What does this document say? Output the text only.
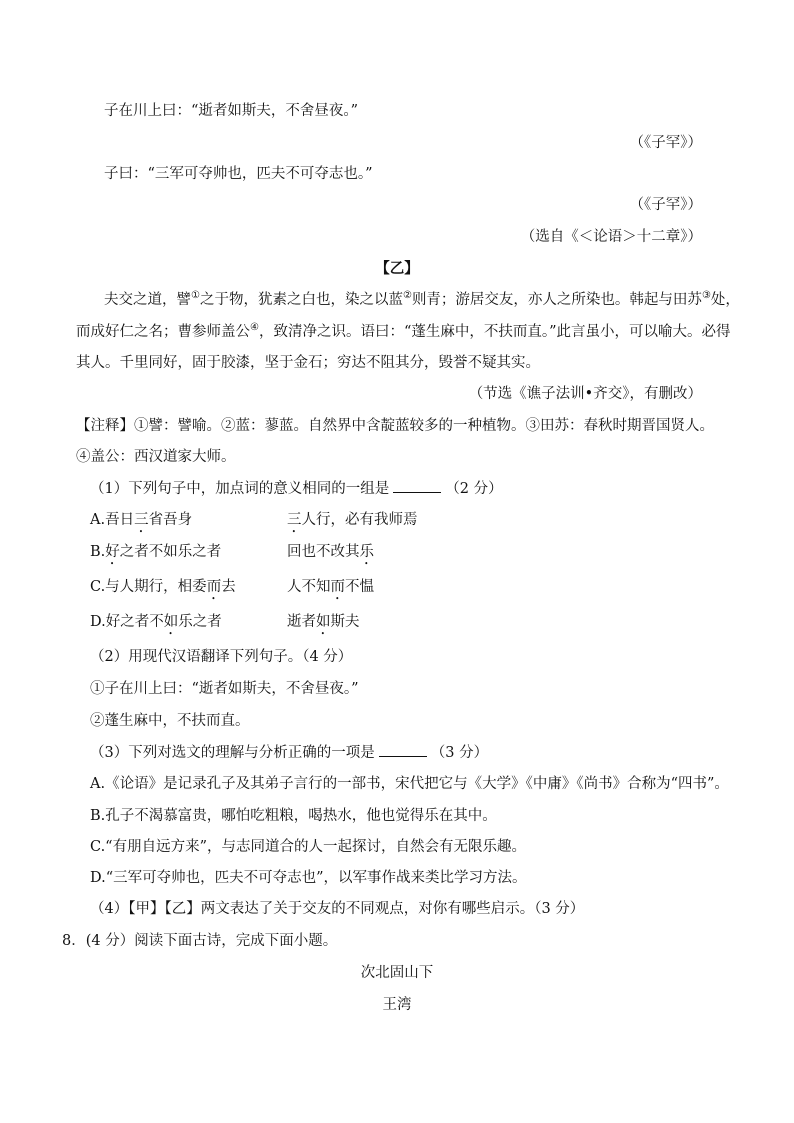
子在川上曰：“逝者如斯夫，不舍昼夜。”
（《子罕》）
子曰：“三军可夺帅也，匹夫不可夺志也。”
（《子罕》）
（选自《＜论语＞十二章》）
【乙】
夫交之道，譬①之于物，犹素之白也，染之以蓝②则青；游居交友，亦人之所染也。韩起与田苏③处，
而成好仁之名；曹参师盖公④，致清净之识。语曰：“蓬生麻中，不扶而直。”此言虽小，可以喻大。必得
其人。千里同好，固于胶漆，坚于金石；穷达不阻其分，毁誉不疑其实。
（节选《谯子法训•齐交》，有删改）
【注释】①譬：譬喻。②蓝：蓼蓝。自然界中含靛蓝较多的一种植物。③田苏：春秋时期晋国贤人。
④盖公：西汉道家大师。
（1）下列句子中，加点词的意义相同的一组是	（2 分）
A.吾日三省吾身	三人行，必有我师焉
B.好之者不如乐之者	回也不改其乐
C.与人期行，相委而去	人不知而不愠
D.好之者不如乐之者	逝者如斯夫
（2）用现代汉语翻译下列句子。（4 分）
①子在川上曰：“逝者如斯夫，不舍昼夜。”
②蓬生麻中，不扶而直。
（3）下列对选文的理解与分析正确的一项是	（3 分）
A.《论语》是记录孔子及其弟子言行的一部书，宋代把它与《大学》《中庸》《尚书》合称为“四书”。
B.孔子不渴慕富贵，哪怕吃粗粮，喝热水，他也觉得乐在其中。
C.“有朋自远方来”，与志同道合的人一起探讨，自然会有无限乐趣。
D.“三军可夺帅也，匹夫不可夺志也”，以军事作战来类比学习方法。
（4）【甲】【乙】两文表达了关于交友的不同观点，对你有哪些启示。（3 分）
8．(4 分）阅读下面古诗，完成下面小题。
次北固山下
王湾
